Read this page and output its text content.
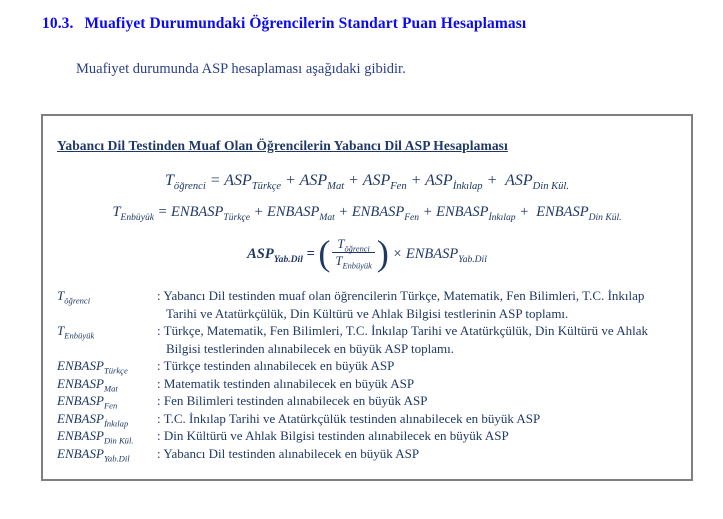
10.3. Muafiyet Durumundaki Öğrencilerin Standart Puan Hesaplaması

Muafiyet durumunda ASP hesaplaması aşağıdaki gibidir.

Yabancı Dil Testinden Muaf Olan Öğrencilerin Yabancı Dil ASP Hesaplaması
$T_{öğrenci} = ASP_{Türkçe} + ASP_{Mat} + ASP_{Fen} + ASP_{İnkılap} + ASP_{Din Kül.}$
$T_{Enbüyük}$ = $ENBASP_{Türkçe}$ + $ENBASP_{Mat}$ + $ENBASP_{Fen}$ + $ENBASP_{İnkılap}$ +  $ENBASP_{Din Kül.}$
$ASP_{Yab.Dil}$ = ( $\frac{T_{öğrenci}}{T_{Enbüyük}}$ ) × $ENBASP_{Yab.Dil}$
$T_{öğrenci}$	: Yabancı Dil testinden muaf olan öğrencilerin Türkçe, Matematik, Fen Bilimleri, T.C. İnkılap Tarihi ve Atatürkçülük, Din Kültürü ve Ahlak Bilgisi testlerinin ASP toplamı.
$T_{Enbüyük}$	: Türkçe, Matematik, Fen Bilimleri, T.C. İnkılap Tarihi ve Atatürkçülük, Din Kültürü ve Ahlak Bilgisi testlerinden alınabilecek en büyük ASP toplamı.
$ENBASP_{Türkçe}$	: Türkçe testinden alınabilecek en büyük ASP
$ENBASP_{Mat}$	: Matematik testinden alınabilecek en büyük ASP
$ENBASP_{Fen}$	: Fen Bilimleri testinden alınabilecek en büyük ASP
$ENBASP_{İnkılap}$	: T.C. İnkılap Tarihi ve Atatürkçülük testinden alınabilecek en büyük ASP
$ENBASP_{Din Kül.}$	: Din Kültürü ve Ahlak Bilgisi testinden alınabilecek en büyük ASP
$ENBASP_{Yab.Dil}$	: Yabancı Dil testinden alınabilecek en büyük ASP
